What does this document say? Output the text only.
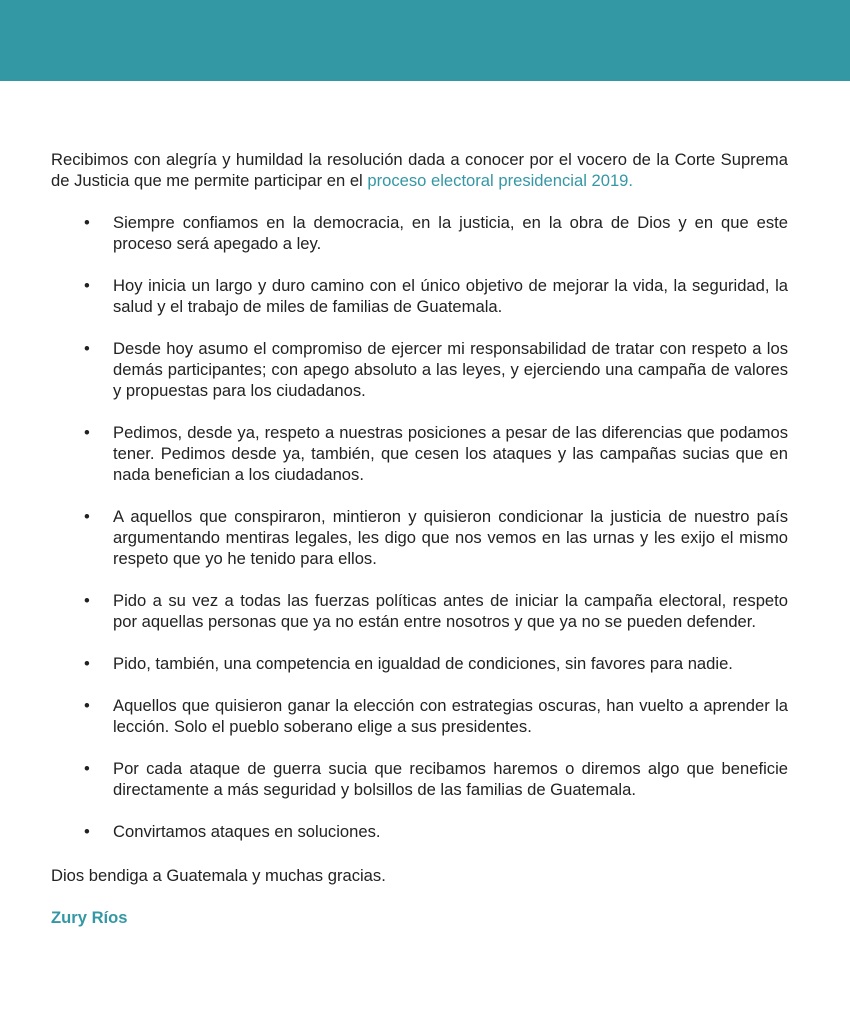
Recibimos con alegría y humildad la resolución dada a conocer por el vocero de la Corte Suprema de Justicia que me permite participar en el proceso electoral presidencial 2019.

• Siempre confiamos en la democracia, en la justicia, en la obra de Dios y en que este proceso será apegado a ley.
• Hoy inicia un largo y duro camino con el único objetivo de mejorar la vida, la seguridad, la salud y el trabajo de miles de familias de Guatemala.
• Desde hoy asumo el compromiso de ejercer mi responsabilidad de tratar con respeto a los demás participantes; con apego absoluto a las leyes, y ejerciendo una campaña de valores y propuestas para los ciudadanos.
• Pedimos, desde ya, respeto a nuestras posiciones a pesar de las diferencias que podamos tener. Pedimos desde ya, también, que cesen los ataques y las campañas sucias que en nada benefician a los ciudadanos.
• A aquellos que conspiraron, mintieron y quisieron condicionar la justicia de nuestro país argumentando mentiras legales, les digo que nos vemos en las urnas y les exijo el mismo respeto que yo he tenido para ellos.
• Pido a su vez a todas las fuerzas políticas antes de iniciar la campaña electoral, respeto por aquellas personas que ya no están entre nosotros y que ya no se pueden defender.
• Pido, también, una competencia en igualdad de condiciones, sin favores para nadie.
• Aquellos que quisieron ganar la elección con estrategias oscuras, han vuelto a aprender la lección. Solo el pueblo soberano elige a sus presidentes.
• Por cada ataque de guerra sucia que recibamos haremos o diremos algo que beneficie directamente a más seguridad y bolsillos de las familias de Guatemala.
• Convirtamos ataques en soluciones.

Dios bendiga a Guatemala y muchas gracias.

Zury Ríos
